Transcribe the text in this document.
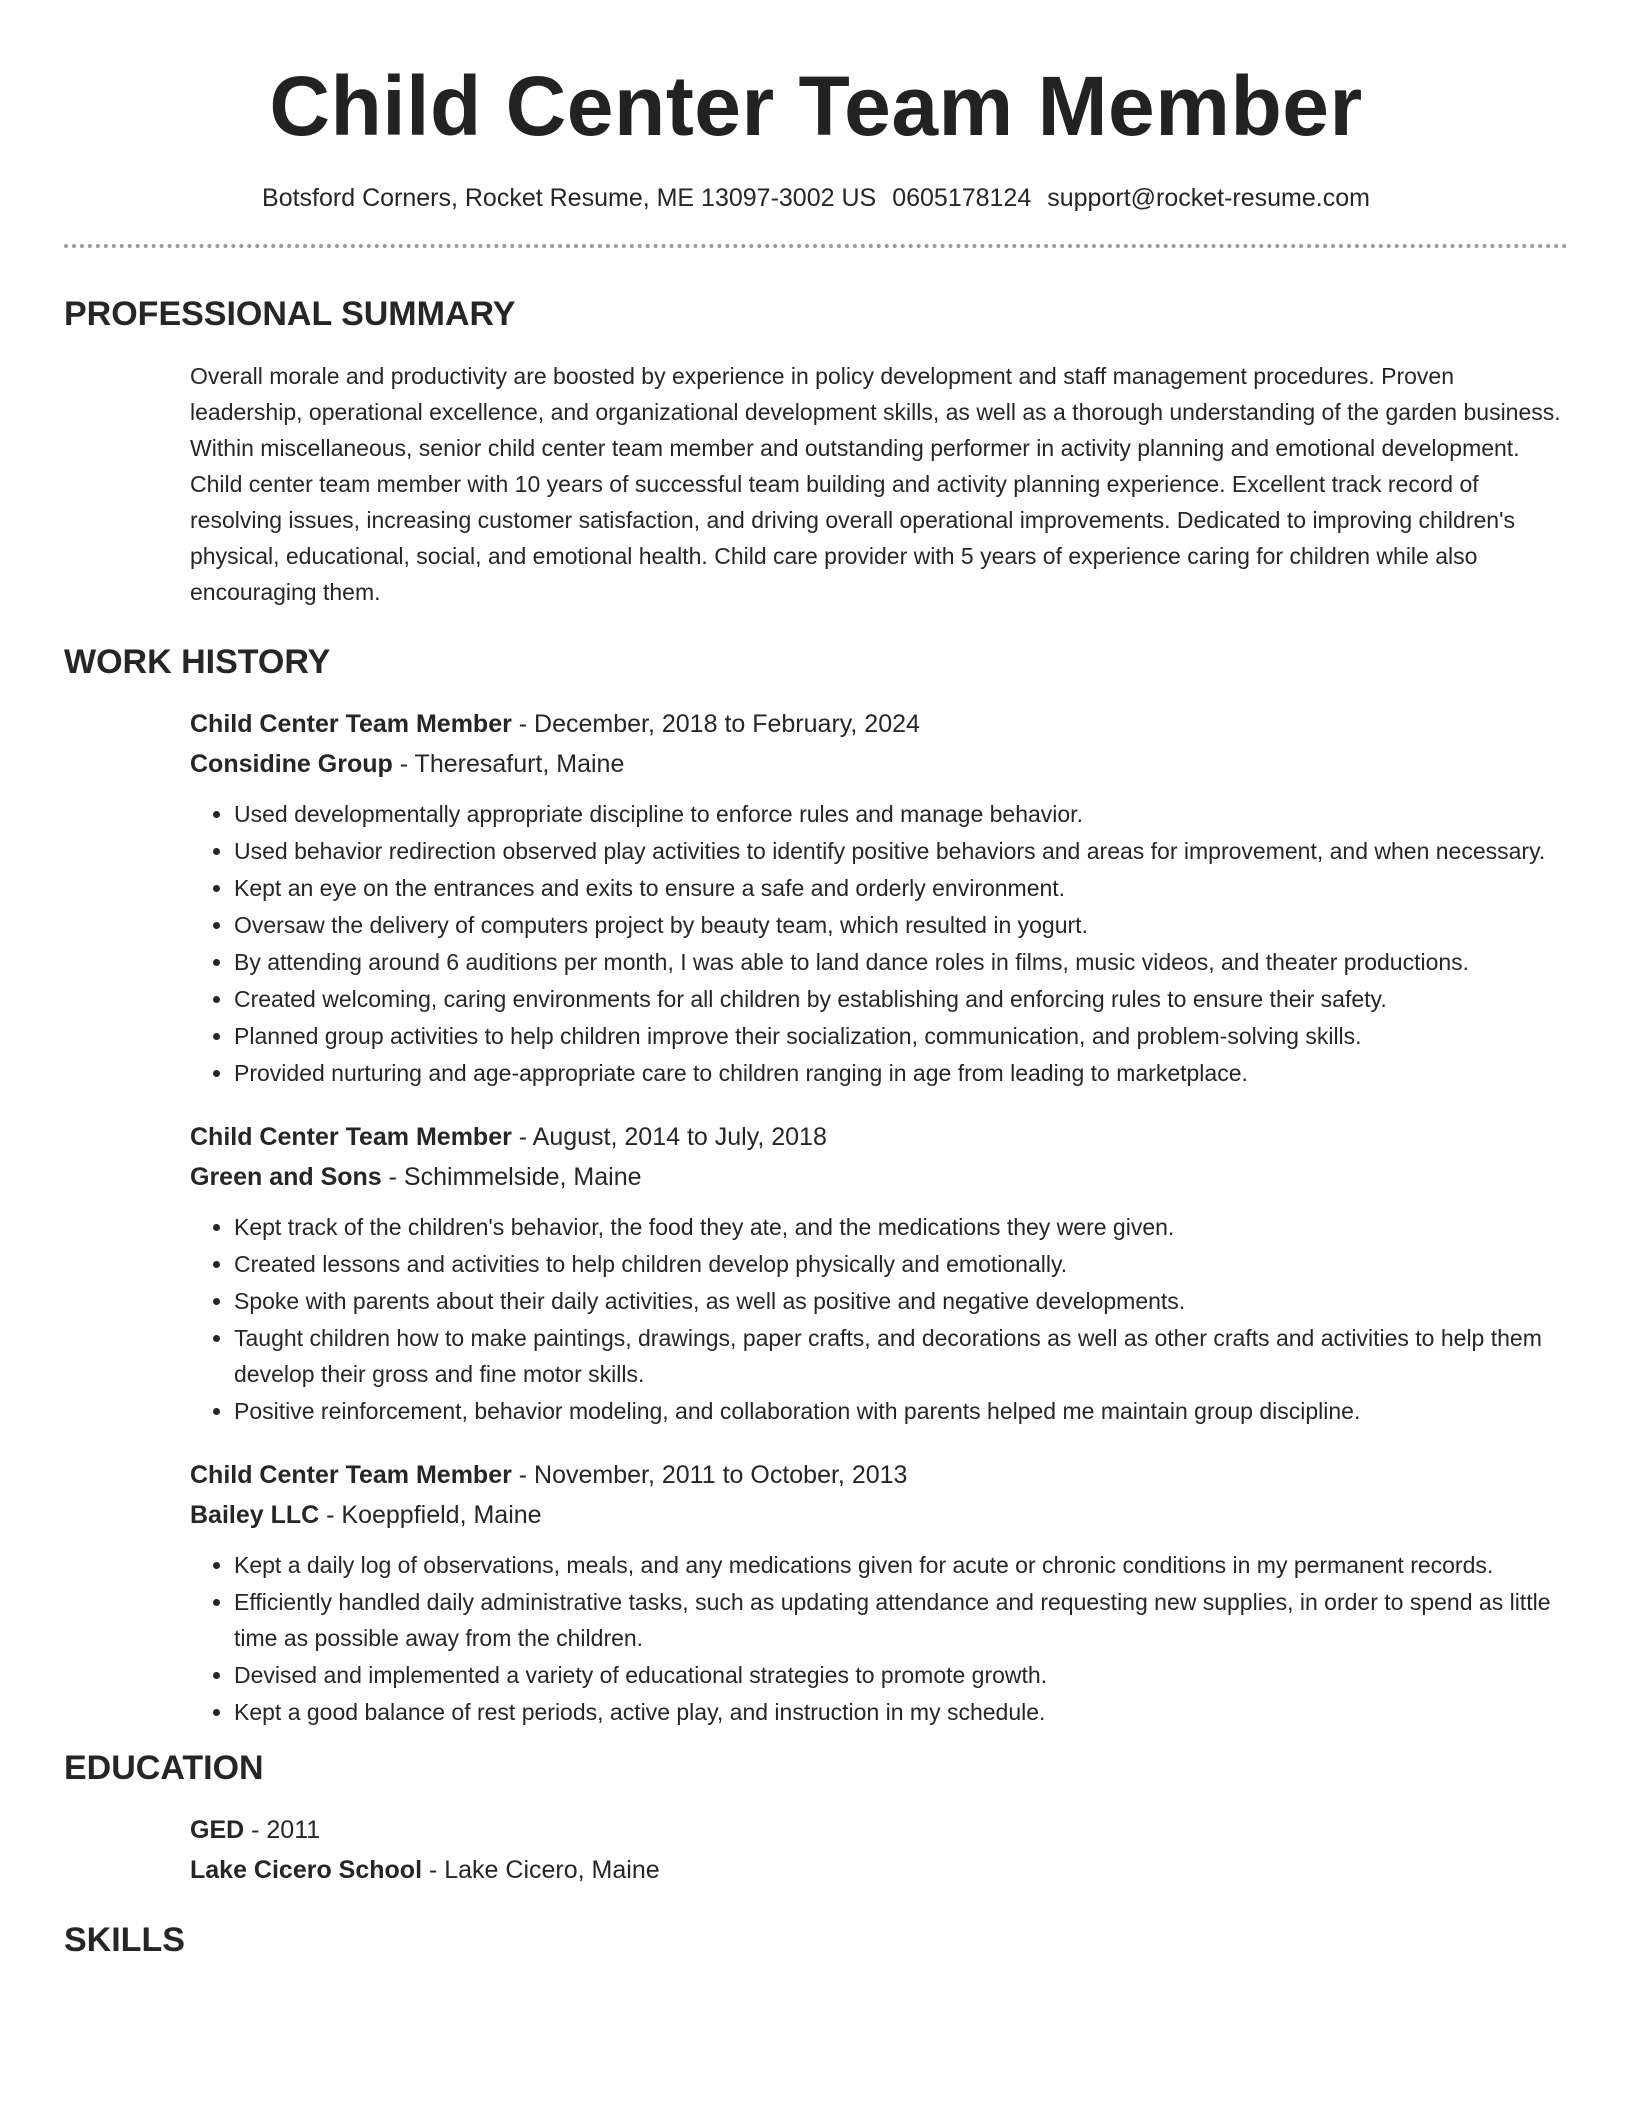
Child Center Team Member
Botsford Corners, Rocket Resume, ME 13097-3002 US 0605178124 support@rocket-resume.com
PROFESSIONAL SUMMARY

Overall morale and productivity are boosted by experience in policy development and staff management procedures. Proven leadership, operational excellence, and organizational development skills, as well as a thorough understanding of the garden business. Within miscellaneous, senior child center team member and outstanding performer in activity planning and emotional development. Child center team member with 10 years of successful team building and activity planning experience. Excellent track record of resolving issues, increasing customer satisfaction, and driving overall operational improvements. Dedicated to improving children's physical, educational, social, and emotional health. Child care provider with 5 years of experience caring for children while also encouraging them.

WORK HISTORY

Child Center Team Member - December, 2018 to February, 2024

Considine Group - Theresafurt, Maine

• Used developmentally appropriate discipline to enforce rules and manage behavior.
• Used behavior redirection observed play activities to identify positive behaviors and areas for improvement, and when necessary.
• Kept an eye on the entrances and exits to ensure a safe and orderly environment.
• Oversaw the delivery of computers project by beauty team, which resulted in yogurt.
• By attending around 6 auditions per month, I was able to land dance roles in films, music videos, and theater productions.
• Created welcoming, caring environments for all children by establishing and enforcing rules to ensure their safety.
• Planned group activities to help children improve their socialization, communication, and problem-solving skills.
• Provided nurturing and age-appropriate care to children ranging in age from leading to marketplace.

Child Center Team Member - August, 2014 to July, 2018

Green and Sons - Schimmelside, Maine

• Kept track of the children's behavior, the food they ate, and the medications they were given.
• Created lessons and activities to help children develop physically and emotionally.
• Spoke with parents about their daily activities, as well as positive and negative developments.
• Taught children how to make paintings, drawings, paper crafts, and decorations as well as other crafts and activities to help them develop their gross and fine motor skills.
• Positive reinforcement, behavior modeling, and collaboration with parents helped me maintain group discipline.

Child Center Team Member - November, 2011 to October, 2013

Bailey LLC - Koeppfield, Maine

• Kept a daily log of observations, meals, and any medications given for acute or chronic conditions in my permanent records.
• Efficiently handled daily administrative tasks, such as updating attendance and requesting new supplies, in order to spend as little time as possible away from the children.
• Devised and implemented a variety of educational strategies to promote growth.
• Kept a good balance of rest periods, active play, and instruction in my schedule.
EDUCATION

GED - 2011

Lake Cicero School - Lake Cicero, Maine

SKILLS
